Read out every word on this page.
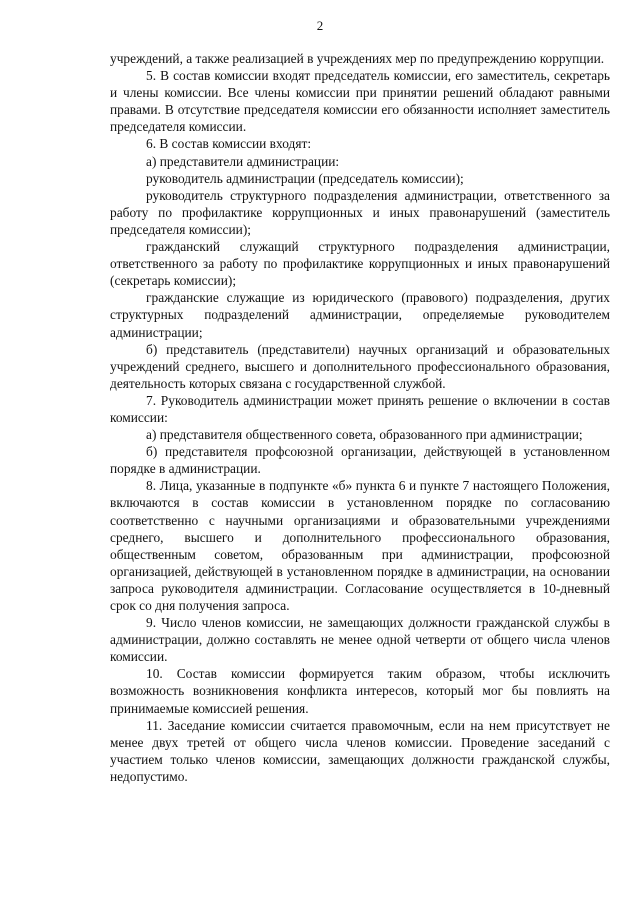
2

учреждений, а также реализацией в учреждениях мер по предупреждению коррупции.

5. В состав комиссии входят председатель комиссии, его заместитель, секретарь и члены комиссии. Все члены комиссии при принятии решений обладают равными правами. В отсутствие председателя комиссии его обязанности исполняет заместитель председателя комиссии.

6. В состав комиссии входят:

а) представители администрации:

руководитель администрации (председатель комиссии);

руководитель структурного подразделения администрации, ответственного за работу по профилактике коррупционных и иных правонарушений (заместитель председателя комиссии);

гражданский служащий структурного подразделения администрации, ответственного за работу по профилактике коррупционных и иных правонарушений (секретарь комиссии);

гражданские служащие из юридического (правового) подразделения, других структурных подразделений администрации, определяемые руководителем администрации;

б) представитель (представители) научных организаций и образовательных учреждений среднего, высшего и дополнительного профессионального образования, деятельность которых связана с государственной службой.

7. Руководитель администрации может принять решение о включении в состав комиссии:

а) представителя общественного совета, образованного при администрации;

б) представителя профсоюзной организации, действующей в установленном порядке в администрации.

8. Лица, указанные в подпункте «б» пункта 6 и пункте 7 настоящего Положения, включаются в состав комиссии в установленном порядке по согласованию соответственно с научными организациями и образовательными учреждениями среднего, высшего и дополнительного профессионального образования, общественным советом, образованным при администрации, профсоюзной организацией, действующей в установленном порядке в администрации, на основании запроса руководителя администрации. Согласование осуществляется в 10-дневный срок со дня получения запроса.

9. Число членов комиссии, не замещающих должности гражданской службы в администрации, должно составлять не менее одной четверти от общего числа членов комиссии.

10. Состав комиссии формируется таким образом, чтобы исключить возможность возникновения конфликта интересов, который мог бы повлиять на принимаемые комиссией решения.

11. Заседание комиссии считается правомочным, если на нем присутствует не менее двух третей от общего числа членов комиссии. Проведение заседаний с участием только членов комиссии, замещающих должности гражданской службы, недопустимо.
